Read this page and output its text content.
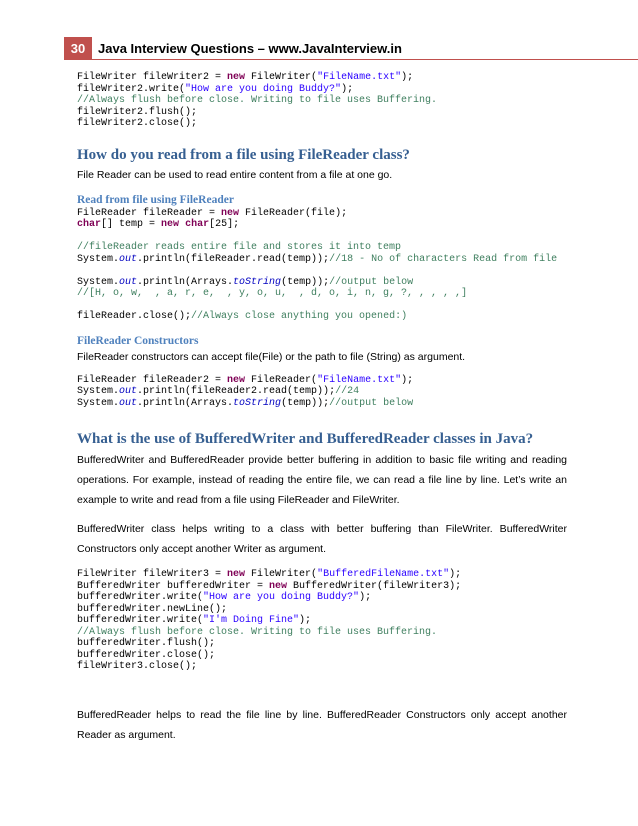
30 Java Interview Questions – www.JavaInterview.in
FileWriter fileWriter2 = new FileWriter("FileName.txt");
fileWriter2.write("How are you doing Buddy?");
//Always flush before close. Writing to file uses Buffering.
fileWriter2.flush();
fileWriter2.close();
How do you read from a file using FileReader class?

File Reader can be used to read entire content from a file at one go.

Read from file using FileReader
FileReader fileReader = new FileReader(file);
char[] temp = new char[25];
//fileReader reads entire file and stores it into temp
System.out.println(fileReader.read(temp));//18 - No of characters Read from file
System.out.println(Arrays.toString(temp));//output below
//[H, o, w,  , a, r, e,  , y, o, u,  , d, o, i, n, g, ?, , , , ,]
fileReader.close();//Always close anything you opened:)
FileReader Constructors

FileReader constructors can accept file(File) or the path to file (String) as argument.

FileReader fileReader2 = new FileReader("FileName.txt");
System.out.println(fileReader2.read(temp));//24
System.out.println(Arrays.toString(temp));//output below
What is the use of BufferedWriter and BufferedReader classes in Java?

BufferedWriter and BufferedReader provide better buffering in addition to basic file writing and reading operations. For example, instead of reading the entire file, we can read a file line by line. Let’s write an example to write and read from a file using FileReader and FileWriter.

BufferedWriter class helps writing to a class with better buffering than FileWriter. BufferedWriter Constructors only accept another Writer as argument.

FileWriter fileWriter3 = new FileWriter("BufferedFileName.txt");
BufferedWriter bufferedWriter = new BufferedWriter(fileWriter3);
bufferedWriter.write("How are you doing Buddy?");
bufferedWriter.newLine();
bufferedWriter.write("I'm Doing Fine");
//Always flush before close. Writing to file uses Buffering.
bufferedWriter.flush();
bufferedWriter.close();
fileWriter3.close();

BufferedReader helps to read the file line by line. BufferedReader Constructors only accept another Reader as argument.
